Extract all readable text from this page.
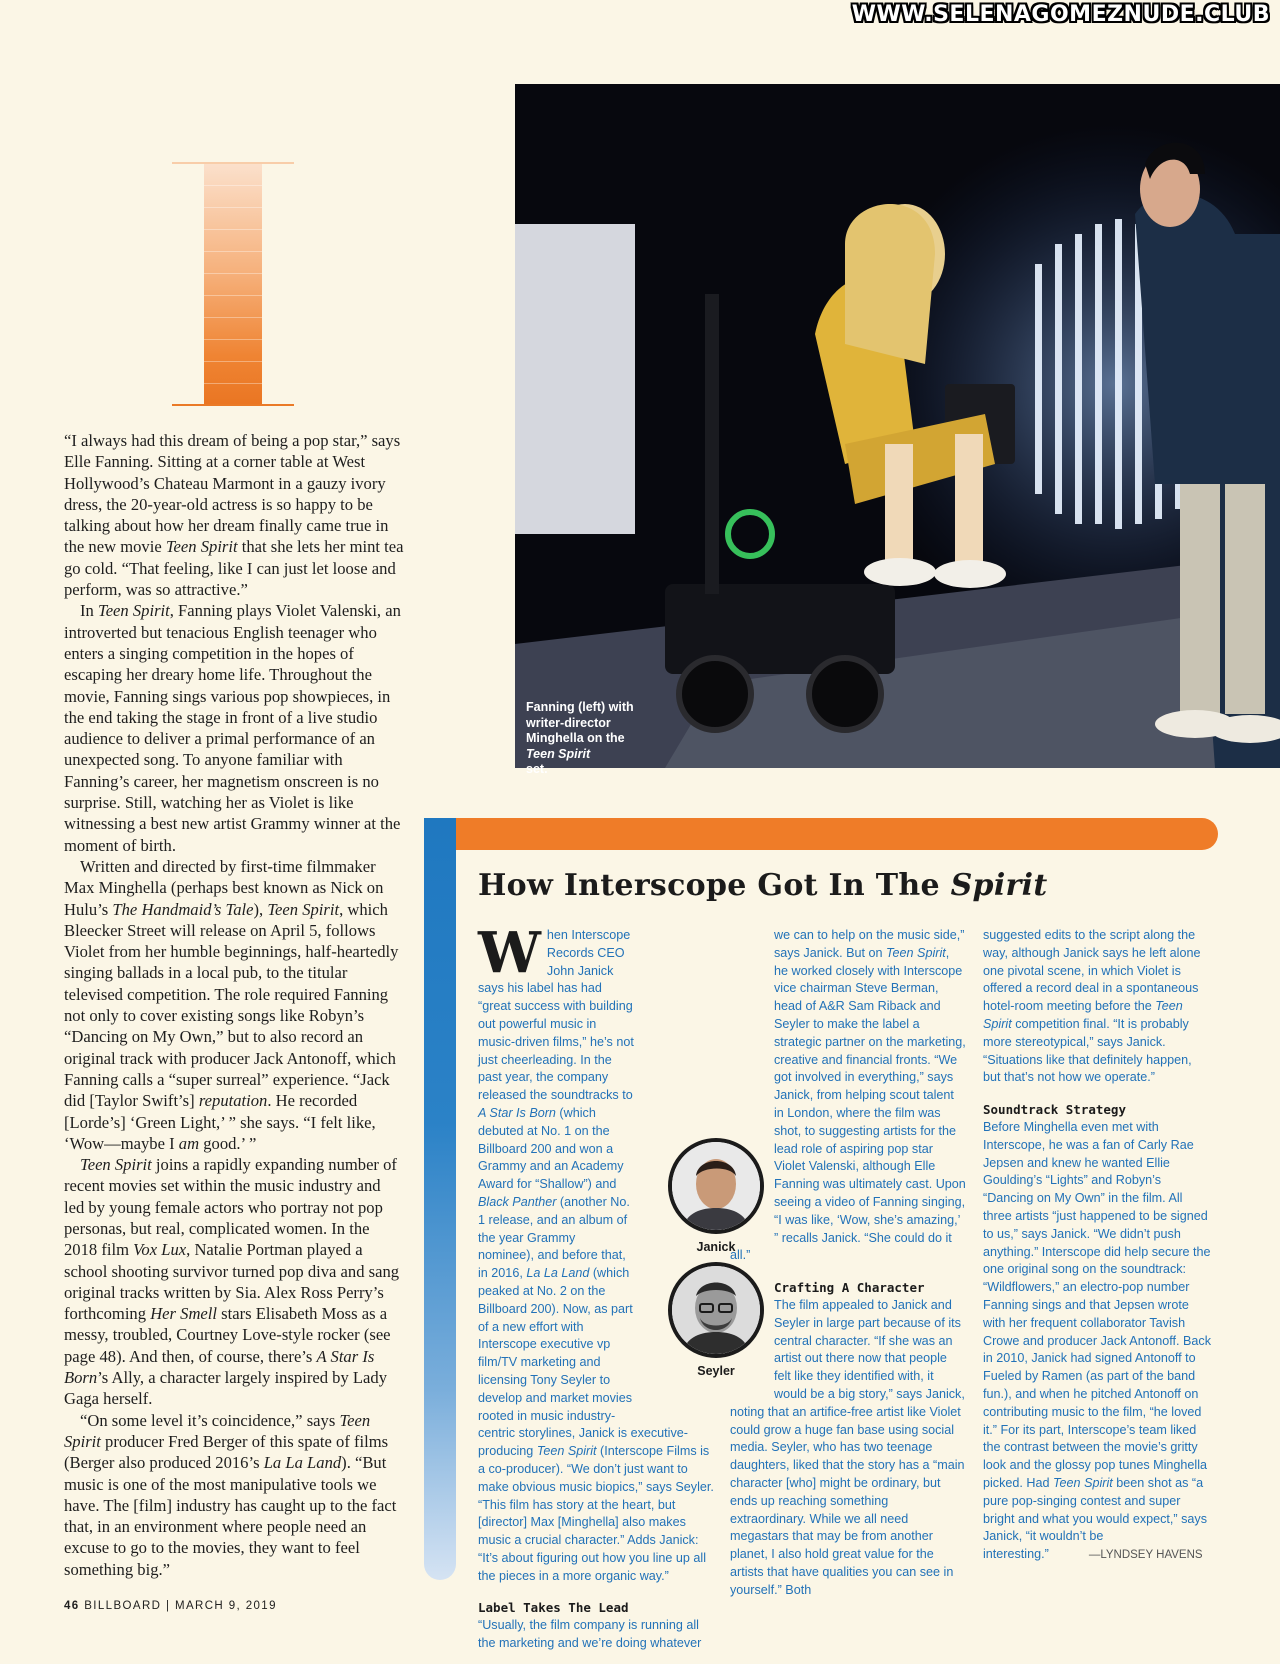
WWW.SELENAGOMEZNUDE.CLUB

“I always had this dream of being a pop star,” says Elle Fanning. Sitting at a corner table at West Hollywood’s Chateau Marmont in a gauzy ivory dress, the 20-year-old actress is so happy to be talking about how her dream finally came true in the new movie Teen Spirit that she lets her mint tea go cold. “That feeling, like I can just let loose and perform, was so attractive.”

In Teen Spirit, Fanning plays Violet Valenski, an introverted but tenacious English teenager who enters a singing competition in the hopes of escaping her dreary home life. Throughout the movie, Fanning sings various pop showpieces, in the end taking the stage in front of a live studio audience to deliver a primal performance of an unexpected song. To anyone familiar with Fanning’s career, her magnetism onscreen is no surprise. Still, watching her as Violet is like witnessing a best new artist Grammy winner at the moment of birth.

Written and directed by first-time filmmaker Max Minghella (perhaps best known as Nick on Hulu’s The Handmaid’s Tale), Teen Spirit, which Bleecker Street will release on April 5, follows Violet from her humble beginnings, half-heartedly singing ballads in a local pub, to the titular televised competition. The role required Fanning not only to cover existing songs like Robyn’s “Dancing on My Own,” but to also record an original track with producer Jack Antonoff, which Fanning calls a “super surreal” experience. “Jack did [Taylor Swift’s] reputation. He recorded [Lorde’s] ‘Green Light,’ ” she says. “I felt like, ‘Wow—maybe I am good.’ ”

Teen Spirit joins a rapidly expanding number of recent movies set within the music industry and led by young female actors who portray not pop personas, but real, complicated women. In the 2018 film Vox Lux, Natalie Portman played a school shooting survivor turned pop diva and sang original tracks written by Sia. Alex Ross Perry’s forthcoming Her Smell stars Elisabeth Moss as a messy, troubled, Courtney Love-style rocker (see page 48). And then, of course, there’s A Star Is Born’s Ally, a character largely inspired by Lady Gaga herself.

“On some level it’s coincidence,” says Teen Spirit producer Fred Berger of this spate of films (Berger also produced 2016’s La La Land). “But music is one of the most manipulative tools we have. The [film] industry has caught up to the fact that, in an environment where people need an excuse to go to the movies, they want to feel something big.”

Fanning (left) with
writer-director
Minghella on the
Teen Spirit
set.
How Interscope Got In The Spirit
W hen Interscope Records CEO John Janick says his label has had “great success with building out powerful music in music-driven films,” he’s not just cheerleading. In the past year, the company released the soundtracks to A Star Is Born (which debuted at No. 1 on the Billboard 200 and won a Grammy and an Academy Award for “Shallow”) and Black Panther (another No. 1 release, and an album of the year Grammy nominee), and before that, in 2016, La La Land (which peaked at No. 2 on the Billboard 200). Now, as part of a new effort with Interscope executive vp film/TV marketing and licensing Tony Seyler to develop and market movies rooted in music industry-centric storylines, Janick is executive-producing Teen Spirit (Interscope Films is a co-producer). “We don’t just want to make obvious music biopics,” says Seyler. “This film has story at the heart, but [director] Max [Minghella] also makes music a crucial character.” Adds Janick: “It’s about figuring out how you line up all the pieces in a more organic way.”
Label Takes The Lead
“Usually, the film company is running all the marketing and we’re doing whatever
we can to help on the music side,” says Janick. But on Teen Spirit, he worked closely with Interscope vice chairman Steve Berman, head of A&R Sam Riback and Seyler to make the label a strategic partner on the marketing, creative and financial fronts. “We got involved in everything,” says Janick, from helping scout talent in London, where the film was shot, to suggesting artists for the lead role of aspiring pop star Violet Valenski, although Elle Fanning was ultimately cast. Upon seeing a video of Fanning singing, “I was like, ‘Wow, she’s amazing,’ ” recalls Janick. “She could do it all.”
Crafting A Character
The film appealed to Janick and Seyler in large part because of its central character. “If she was an artist out there now that people felt like they identified with, it would be a big story,” says Janick, noting that an artifice-free artist like Violet could grow a huge fan base using social media. Seyler, who has two teenage daughters, liked that the story has a “main character [who] might be ordinary, but ends up reaching something extraordinary. While we all need megastars that may be from another planet, I also hold great value for the artists that have qualities you can see in yourself.” Both
suggested edits to the script along the way, although Janick says he left alone one pivotal scene, in which Violet is offered a record deal in a spontaneous hotel-room meeting before the Teen Spirit competition final. “It is probably more stereotypical,” says Janick. “Situations like that definitely happen, but that’s not how we operate.”
Soundtrack Strategy
Before Minghella even met with Interscope, he was a fan of Carly Rae Jepsen and knew he wanted Ellie Goulding’s “Lights” and Robyn’s “Dancing on My Own” in the film. All three artists “just happened to be signed to us,” says Janick. “We didn’t push anything.” Interscope did help secure the one original song on the soundtrack: “Wildflowers,” an electro-pop number Fanning sings and that Jepsen wrote with her frequent collaborator Tavish Crowe and producer Jack Antonoff. Back in 2010, Janick had signed Antonoff to Fueled by Ramen (as part of the band fun.), and when he pitched Antonoff on contributing music to the film, “he loved it.” For its part, Interscope’s team liked the contrast between the movie’s gritty look and the glossy pop tunes Minghella picked. Had Teen Spirit been shot as “a pure pop-singing contest and super bright and what you would expect,” says Janick, “it wouldn’t be interesting.”	—LYNDSEY HAVENS
Janick
Seyler
46 BILLBOARD | MARCH 9, 2019
